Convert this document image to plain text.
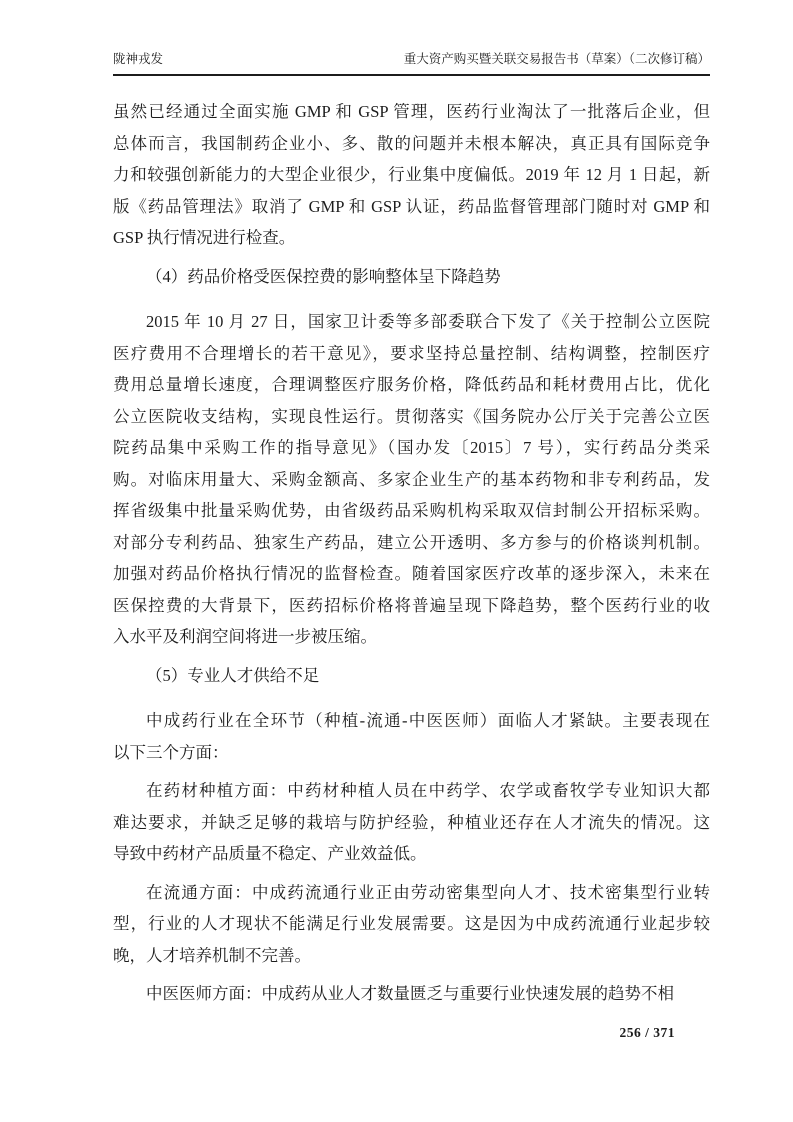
陇神戎发	重大资产购买暨关联交易报告书（草案）（二次修订稿）
虽然已经通过全面实施 GMP 和 GSP 管理，医药行业淘汰了一批落后企业，但
总体而言，我国制药企业小、多、散的问题并未根本解决，真正具有国际竞争
力和较强创新能力的大型企业很少，行业集中度偏低。2019 年 12 月 1 日起，新
版《药品管理法》取消了 GMP 和 GSP 认证，药品监督管理部门随时对 GMP 和
GSP 执行情况进行检查。
（4）药品价格受医保控费的影响整体呈下降趋势
2015 年 10 月 27 日，国家卫计委等多部委联合下发了《关于控制公立医院
医疗费用不合理增长的若干意见》，要求坚持总量控制、结构调整，控制医疗
费用总量增长速度，合理调整医疗服务价格，降低药品和耗材费用占比，优化
公立医院收支结构，实现良性运行。贯彻落实《国务院办公厅关于完善公立医
院药品集中采购工作的指导意见》（国办发〔2015〕7 号），实行药品分类采
购。对临床用量大、采购金额高、多家企业生产的基本药物和非专利药品，发
挥省级集中批量采购优势，由省级药品采购机构采取双信封制公开招标采购。
对部分专利药品、独家生产药品，建立公开透明、多方参与的价格谈判机制。
加强对药品价格执行情况的监督检查。随着国家医疗改革的逐步深入，未来在
医保控费的大背景下，医药招标价格将普遍呈现下降趋势，整个医药行业的收
入水平及利润空间将进一步被压缩。
（5）专业人才供给不足
中成药行业在全环节（种植-流通-中医医师）面临人才紧缺。主要表现在
以下三个方面：
在药材种植方面：中药材种植人员在中药学、农学或畜牧学专业知识大都
难达要求，并缺乏足够的栽培与防护经验，种植业还存在人才流失的情况。这
导致中药材产品质量不稳定、产业效益低。
在流通方面：中成药流通行业正由劳动密集型向人才、技术密集型行业转
型，行业的人才现状不能满足行业发展需要。这是因为中成药流通行业起步较
晚，人才培养机制不完善。
中医医师方面：中成药从业人才数量匮乏与重要行业快速发展的趋势不相
256 / 371
